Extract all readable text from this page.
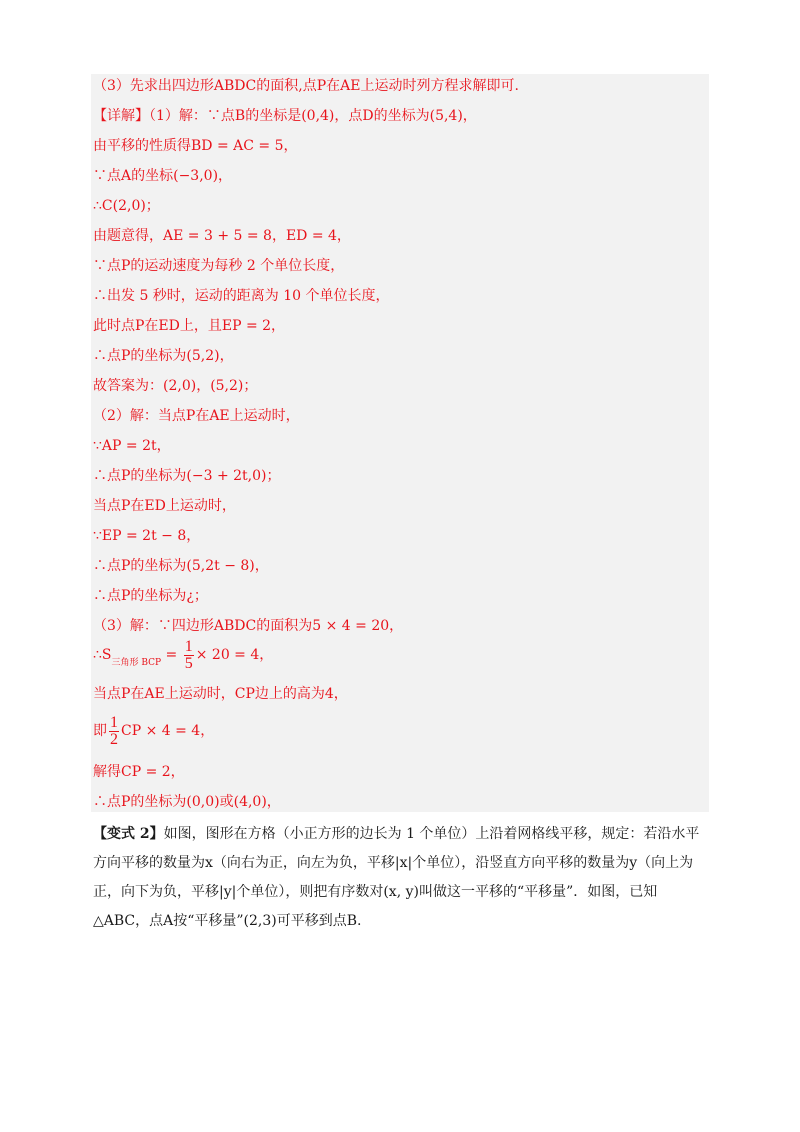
（3）先求出四边形ABDC的面积,点P在AE上运动时列方程求解即可.
【详解】（1）解：∵点B的坐标是(0,4)，点D的坐标为(5,4)，
由平移的性质得BD = AC = 5，
∵点A的坐标(−3,0)，
∴C(2,0)；
由题意得，AE = 3 + 5 = 8，ED = 4，
∵点P的运动速度为每秒 2 个单位长度，
∴出发 5 秒时，运动的距离为 10 个单位长度，
此时点P在ED上，且EP = 2，
∴点P的坐标为(5,2)，
故答案为：(2,0)，(5,2)；
（2）解：当点P在AE上运动时，
∵AP = 2t，
∴点P的坐标为(−3 + 2t,0)；
当点P在ED上运动时，
∵EP = 2t − 8，
∴点P的坐标为(5,2t − 8)，
∴点P的坐标为¿；
（3）解：∵四边形ABDC的面积为5 × 4 = 20，
$\therefore S_{三角形 BCP} = \frac{1}{5} \times 20 = 4$，
当点P在AE上运动时，CP边上的高为4，
即 $\frac{1}{2}$ CP × 4 = 4，
解得CP = 2，
∴点P的坐标为(0,0)或(4,0)，
【变式 2】如图，图形在方格（小正方形的边长为 1 个单位）上沿着网格线平移，规定：若沿水平方向平移的数量为x（向右为正，向左为负，平移|x|个单位），沿竖直方向平移的数量为y（向上为正，向下为负，平移|y|个单位），则把有序数对(x, y)叫做这一平移的“平移量”．如图，已知△ABC，点A按“平移量”(2,3)可平移到点B.
